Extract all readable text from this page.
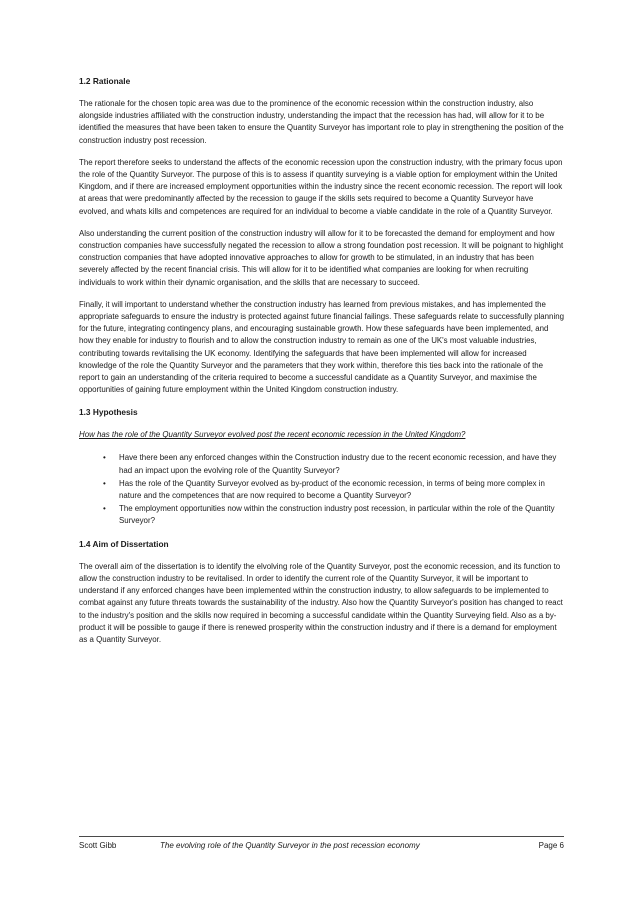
1.2 Rationale

The rationale for the chosen topic area was due to the prominence of the economic recession within the construction industry, also alongside industries affiliated with the construction industry, understanding the impact that the recession has had, will allow for it to be identified the measures that have been taken to ensure the Quantity Surveyor has important role to play in strengthening the position of the construction industry post recession.

The report therefore seeks to understand the affects of the economic recession upon the construction industry, with the primary focus upon the role of the Quantity Surveyor. The purpose of this is to assess if quantity surveying is a viable option for employment within the United Kingdom, and if there are increased employment opportunities within the industry since the recent economic recession. The report will look at areas that were predominantly affected by the recession to gauge if the skills sets required to become a Quantity Surveyor have evolved, and whats kills and competences are required for an individual to become a viable candidate in the role of a Quantity Surveyor.

Also understanding the current position of the construction industry will allow for it to be forecasted the demand for employment and how construction companies have successfully negated the recession to allow a strong foundation post recession. It will be poignant to highlight construction companies that have adopted innovative approaches to allow for growth to be stimulated, in an industry that has been severely affected by the recent financial crisis. This will allow for it to be identified what companies are looking for when recruiting individuals to work within their dynamic organisation, and the skills that are necessary to succeed.

Finally, it will important to understand whether the construction industry has learned from previous mistakes, and has implemented the appropriate safeguards to ensure the industry is protected against future financial failings. These safeguards relate to successfully planning for the future, integrating contingency plans, and encouraging sustainable growth. How these safeguards have been implemented, and how they enable for industry to flourish and to allow the construction industry to remain as one of the UK's most valuable industries, contributing towards revitalising the UK economy. Identifying the safeguards that have been implemented will allow for increased knowledge of the role the Quantity Surveyor and the parameters that they work within, therefore this ties back into the rationale of the report to gain an understanding of the criteria required to become a successful candidate as a Quantity Surveyor, and maximise the opportunities of gaining future employment within the United Kingdom construction industry.

1.3 Hypothesis

How has the role of the Quantity Surveyor evolved post the recent economic recession in the United Kingdom?

• Have there been any enforced changes within the Construction industry due to the recent economic recession, and have they had an impact upon the evolving role of the Quantity Surveyor?
• Has the role of the Quantity Surveyor evolved as by-product of the economic recession, in terms of being more complex in nature and the competences that are now required to become a Quantity Surveyor?
• The employment opportunities now within the construction industry post recession, in particular within the role of the Quantity Surveyor?
1.4 Aim of Dissertation

The overall aim of the dissertation is to identify the elvolving role of the Quantity Surveyor, post the economic recession, and its function to allow the construction industry to be revitalised. In order to identify the current role of the Quantity Surveyor, it will be important to understand if any enforced changes have been implemented within the construction industry, to allow safeguards to be implemented to combat against any future threats towards the sustainability of the industry. Also how the Quantity Surveyor's position has changed to react to the industry's position and the skills now required in becoming a successful candidate within the Quantity Surveying field. Also as a by-product it will be possible to gauge if there is renewed prosperity within the construction industry and if there is a demand for employment as a Quantity Surveyor.

Scott Gibb	The evolving role of the Quantity Surveyor in the post recession economy	Page 6
